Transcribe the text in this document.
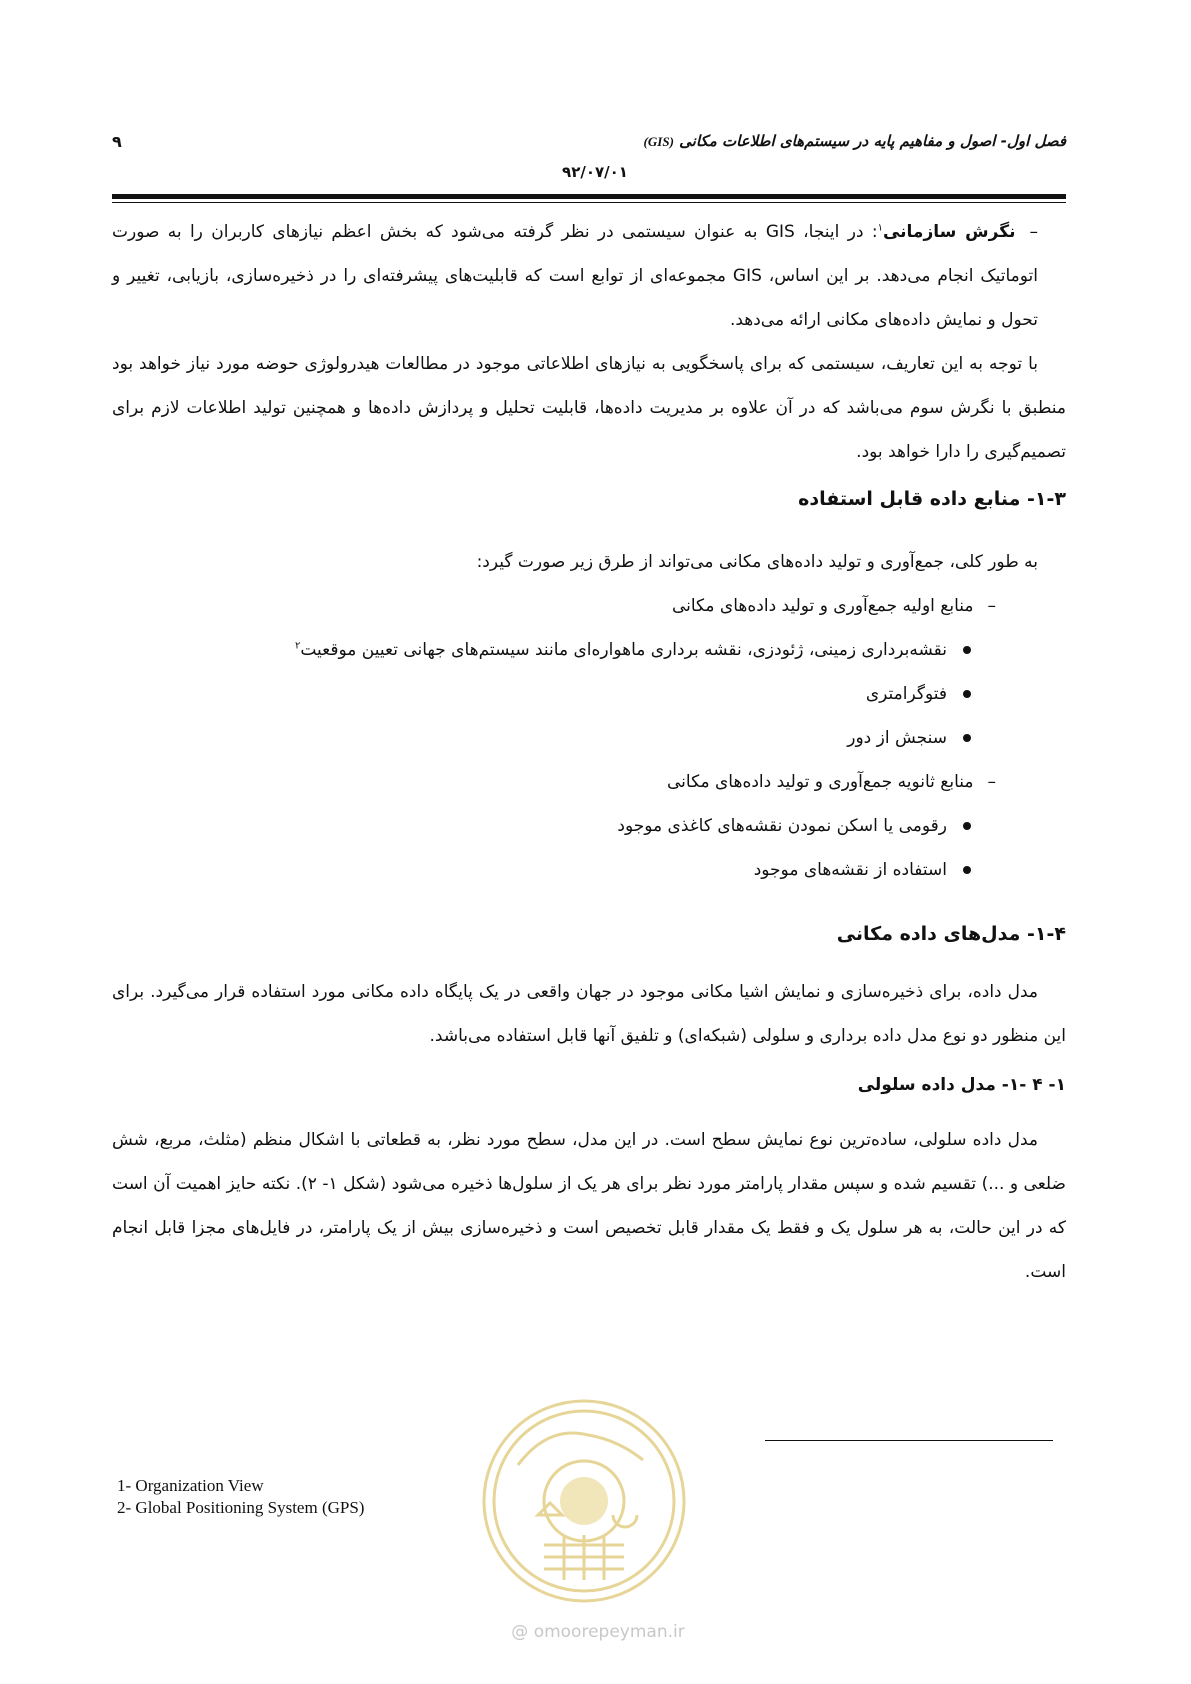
فصل اول- اصول و مفاهیم پایه در سیستم‌های اطلاعات مکانی (GIS)
۹۲/۰۷/۰۱
۹

–نگرش سازمانی$^۱$: در اینجا، GIS به عنوان سیستمی در نظر گرفته می‌شود که بخش اعظم نیازهای کاربران را به صورت اتوماتیک انجام می‌دهد. بر این اساس، GIS مجموعه‌ای از توابع است که قابلیت‌های پیشرفته‌ای را در ذخیره‌سازی، بازیابی، تغییر و تحول و نمایش داده‌های مکانی ارائه می‌دهد.

با توجه به این تعاریف، سیستمی که برای پاسخگویی به نیازهای اطلاعاتی موجود در مطالعات هیدرولوژی حوضه مورد نیاز خواهد بود منطبق با نگرش سوم می‌باشد که در آن علاوه بر مدیریت داده‌ها، قابلیت تحلیل و پردازش داده‌ها و همچنین تولید اطلاعات لازم برای تصمیم‌گیری را دارا خواهد بود.

۱-۳- منابع داده قابل استفاده
به طور کلی، جمع‌آوری و تولید داده‌های مکانی می‌تواند از طرق زیر صورت گیرد:
–منابع اولیه جمع‌آوری و تولید داده‌های مکانی
نقشه‌برداری زمینی، ژئودزی، نقشه برداری ماهواره‌ای مانند سیستم‌های جهانی تعیین موقعیت$^۲$
فتوگرامتری
سنجش از دور
–منابع ثانویه جمع‌آوری و تولید داده‌های مکانی
رقومی یا اسکن نمودن نقشه‌های کاغذی موجود
استفاده از نقشه‌های موجود
۱-۴- مدل‌های داده مکانی

مدل داده، برای ذخیره‌سازی و نمایش اشیا مکانی موجود در جهان واقعی در یک پایگاه داده مکانی مورد استفاده قرار می‌گیرد. برای این منظور دو نوع مدل داده برداری و سلولی (شبکه‌ای) و تلفیق آنها قابل استفاده می‌باشد.

۱- ۴ -۱- مدل داده سلولی

مدل داده سلولی، ساده‌ترین نوع نمایش سطح است. در این مدل، سطح مورد نظر، به قطعاتی با اشکال منظم (مثلث، مربع، شش ضلعی و ...) تقسیم شده و سپس مقدار پارامتر مورد نظر برای هر یک از سلول‌ها ذخیره می‌شود (شکل ۱- ۲). نکته حایز اهمیت آن است که در این حالت، به هر سلول یک و فقط یک مقدار قابل تخصیص است و ذخیره‌سازی بیش از یک پارامتر، در فایل‌های مجزا قابل انجام است.

1- Organization View
2- Global Positioning System (GPS)
@ omoorepeyman.ir
